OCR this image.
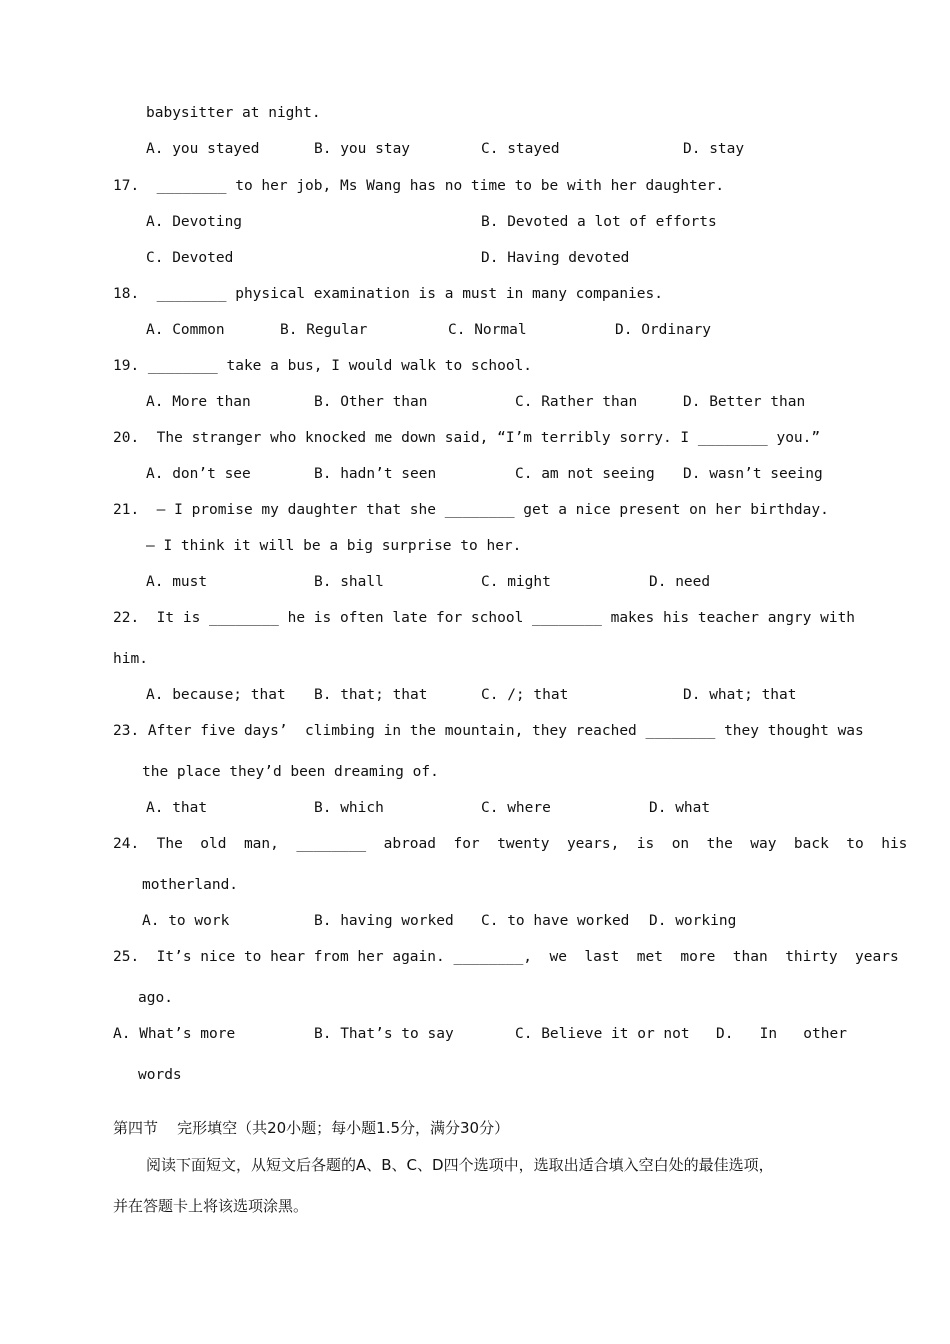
babysitter at night.
A. you stayed	B. you stay	C. stayed	D. stay
17.  ________ to her job, Ms Wang has no time to be with her daughter.
A. Devoting	B. Devoted a lot of efforts
C. Devoted	D. Having devoted
18.  ________ physical examination is a must in many companies.
A. Common	B. Regular	C. Normal	D. Ordinary
19. ________ take a bus, I would walk to school.
A. More than	B. Other than	C. Rather than	D. Better than
20.  The stranger who knocked me down said, “I’m terribly sorry. I ________ you.”
A. don’t see	B. hadn’t seen	C. am not seeing D. wasn’t seeing
21.  — I promise my daughter that she ________ get a nice present on her birthday.
— I think it will be a big surprise to her.
A. must	B. shall	C. might	D. need
22.  It is ________ he is often late for school ________ makes his teacher angry with
him.
A. because; that B. that; that	C. /; that	D. what; that
23. After five days’  climbing in the mountain, they reached ________ they thought was
the place they’d been dreaming of.
A. that	B. which	C. where	D. what
24.  The  old  man,  ________  abroad  for  twenty  years,  is  on  the  way  back  to  his
motherland.
A. to work	B. having worked C. to have worked D. working
25.  It’s nice to hear from her again. ________,  we  last  met  more  than  thirty  years
ago.
A. What’s more	B. That’s to say	C. Believe it or not D.   In   other
words
第四节    完形填空（共20小题；每小题1.5分，满分30分）
阅读下面短文，从短文后各题的A、B、C、D四个选项中，选取出适合填入空白处的最佳选项，
并在答题卡上将该选项涂黑。
